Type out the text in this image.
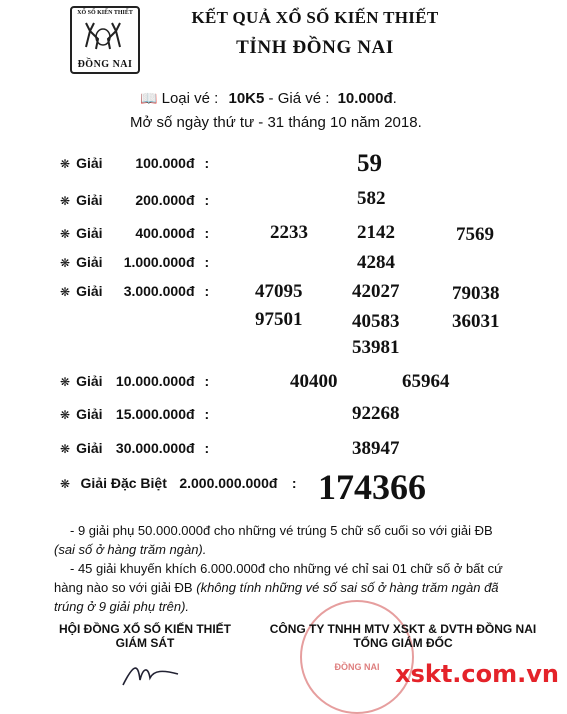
XỔ SỐ KIẾN THIẾT
ĐỒNG NAI
KẾT QUẢ XỔ SỐ KIẾN THIẾT
TỈNH ĐỒNG NAI
📖 Loại vé : 10K5 - Giá vé : 10.000đ.
Mở số ngày thứ tư - 31 tháng 10 năm 2018.
❋ Giải 100.000đ :	59
❋ Giải 200.000đ :	582
❋ Giải 400.000đ :	2233	2142	7569
❋ Giải 1.000.000đ :	4284
❋ Giải 3.000.000đ : 47095	42027	79038
97501	40583	36031
53981
❋ Giải 10.000.000đ :	40400	65964
❋ Giải 15.000.000đ :	92268
❋ Giải 30.000.000đ :	38947
❋ Giải Đặc Biệt 2.000.000.000đ : 174366
- 9 giải phụ 50.000.000đ cho những vé trúng 5 chữ số cuối so với giải ĐB
(sai số ở hàng trăm ngàn).
- 45 giải khuyến khích 6.000.000đ cho những vé chỉ sai 01 chữ số ở bất cứ
hàng nào so với giải ĐB (không tính những vé số sai số ở hàng trăm ngàn đã
trúng ở 9 giải phụ trên).
HỘI ĐỒNG XỔ SỐ KIẾN THIẾT
GIÁM SÁT
ĐỒNG NAI
CÔNG TY TNHH MTV XSKT & DVTH ĐỒNG NAI
TỔNG GIÁM ĐỐC
xskt.com.vn
